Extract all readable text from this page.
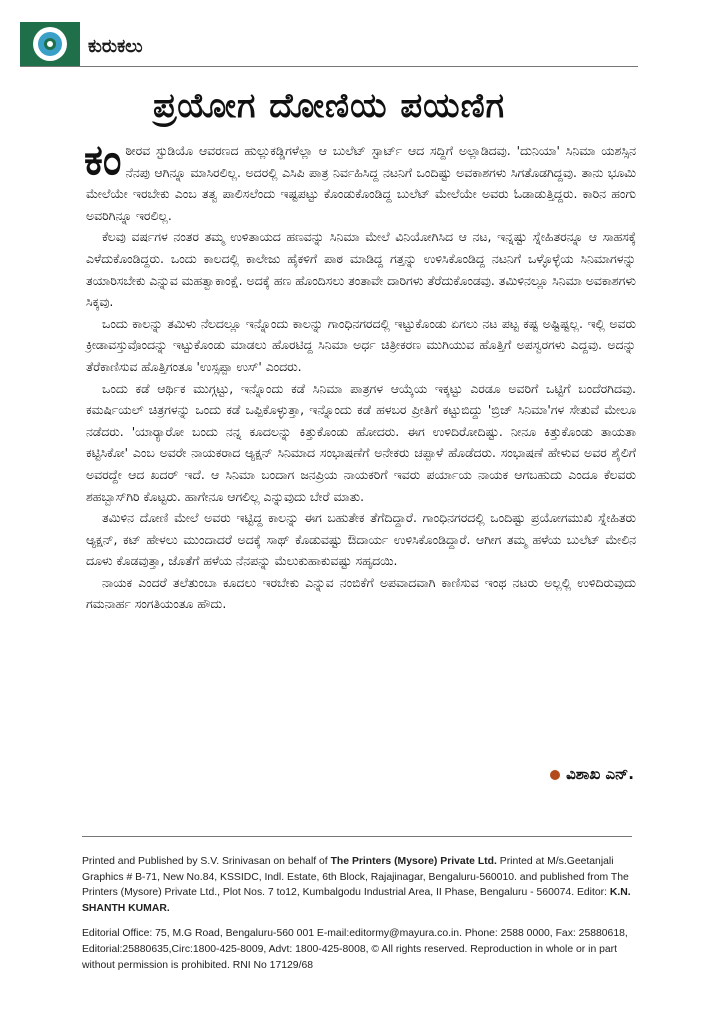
ಕುರುಕಲು
ಪ್ರಯೋಗ ದೋಣಿಯ ಪಯಣಿಗ

ಕಂಠೀರವ ಸ್ಟುಡಿಯೊ ಆವರಣದ ಹುಲ್ಲುಕಡ್ಡಿಗಳೆಲ್ಲಾ ಆ ಬುಲೆಟ್ ಸ್ಟಾರ್ಟ್ ಆದ ಸದ್ದಿಗೆ ಅಲ್ಲಾಡಿದವು. 'ದುನಿಯಾ' ಸಿನಿಮಾ ಯಶಸ್ಸಿನ ನೆನಪು ಆಗಿನ್ನೂ ಮಾಸಿರಲಿಲ್ಲ. ಅದರಲ್ಲಿ ಎಸಿಪಿ ಪಾತ್ರ ನಿರ್ವಹಿಸಿದ್ದ ನಟನಿಗೆ ಒಂದಿಷ್ಟು ಅವಕಾಶಗಳು ಸಿಗತೊಡಗಿದ್ದವು. ತಾನು ಭೂಮಿ ಮೇಲೆಯೇ ಇರಬೇಕು ಎಂಬ ತತ್ವ ಪಾಲಿಸಲೆಂದು ಇಷ್ಟಪಟ್ಟು ಕೊಂಡುಕೊಂಡಿದ್ದ ಬುಲೆಟ್ ಮೇಲೆಯೇ ಅವರು ಓಡಾಡುತ್ತಿದ್ದರು. ಕಾರಿನ ಹಂಗು ಅವರಿಗಿನ್ನೂ ಇರಲಿಲ್ಲ.

ಕೆಲವು ವರ್ಷಗಳ ನಂತರ ತಮ್ಮ ಉಳಿತಾಯದ ಹಣವನ್ನು ಸಿನಿಮಾ ಮೇಲೆ ವಿನಿಯೋಗಿಸಿದ ಆ ನಟ, ಇನ್ನಷ್ಟು ಸ್ನೇಹಿತರನ್ನೂ ಆ ಸಾಹಸಕ್ಕೆ ಎಳೆದುಕೊಂಡಿದ್ದರು. ಒಂದು ಕಾಲದಲ್ಲಿ ಕಾಲೇಜು ಹೈಕಳಿಗೆ ಪಾಠ ಮಾಡಿದ್ದ ಗತ್ತನ್ನು ಉಳಿಸಿಕೊಂಡಿದ್ದ ನಟನಿಗೆ ಒಳ್ಳೊಳ್ಳೆಯ ಸಿನಿಮಾಗಳನ್ನು ತಯಾರಿಸಬೇಕು ಎನ್ನುವ ಮಹತ್ವಾಕಾಂಕ್ಷೆ. ಅದಕ್ಕೆ ಹಣ ಹೊಂದಿಸಲು ತಂತಾವೇ ದಾರಿಗಳು ತೆರೆದುಕೊಂಡವು. ತಮಿಳಿನಲ್ಲೂ ಸಿನಿಮಾ ಅವಕಾಶಗಳು ಸಿಕ್ಕವು.

ಒಂದು ಕಾಲನ್ನು ತಮಿಳು ನೆಲದಲ್ಲೂ ಇನ್ನೊಂದು ಕಾಲನ್ನು ಗಾಂಧಿನಗರದಲ್ಲಿ ಇಟ್ಟುಕೊಂಡು ಏಗಲು ನಟ ಪಟ್ಟ ಕಷ್ಟ ಅಷ್ಟಿಷ್ಟಲ್ಲ. ಇಲ್ಲಿ ಅವರು ಕ್ರೀಡಾವಸ್ತುವೊಂದನ್ನು ಇಟ್ಟುಕೊಂಡು ಮಾಡಲು ಹೊರಟಿದ್ದ ಸಿನಿಮಾ ಅರ್ಧ ಚಿತ್ರೀಕರಣ ಮುಗಿಯುವ ಹೊತ್ತಿಗೆ ಅಪಸ್ವರಗಳು ಎದ್ದವು. ಅದನ್ನು ತೆರೆಕಾಣಿಸುವ ಹೊತ್ತಿಗಂತೂ 'ಉಸ್ಸಪ್ಪಾ ಉಸ್' ಎಂದರು.

ಒಂದು ಕಡೆ ಆರ್ಥಿಕ ಮುಗ್ಗಟ್ಟು, ಇನ್ನೊಂದು ಕಡೆ ಸಿನಿಮಾ ಪಾತ್ರಗಳ ಆಯ್ಕೆಯ ಇಕ್ಕಟ್ಟು ಎರಡೂ ಅವರಿಗೆ ಒಟ್ಟಿಗೆ ಬಂದೆರಗಿದವು. ಕಮರ್ಷಿಯಲ್ ಚಿತ್ರಗಳನ್ನು ಒಂದು ಕಡೆ ಒಪ್ಪಿಕೊಳ್ಳುತ್ತಾ, ಇನ್ನೊಂದು ಕಡೆ ಹಳಬರ ಪ್ರೀತಿಗೆ ಕಟ್ಟುಬಿದ್ದು 'ಬ್ರಿಜ್ ಸಿನಿಮಾ'ಗಳ ಸೇತುವೆ ಮೇಲೂ ನಡೆದರು. 'ಯಾರ್‍ಯಾರೋ ಬಂದು ನನ್ನ ಕೂದಲನ್ನು ಕಿತ್ತುಕೊಂಡು ಹೋದರು. ಈಗ ಉಳಿದಿರೋದಿಷ್ಟು. ನೀನೂ ಕಿತ್ತುಕೊಂಡು ತಾಯತಾ ಕಟ್ಟಿಸಿಕೋ' ಎಂಬ ಅವರೇ ನಾಯಕರಾದ ಆ್ಯಕ್ಷನ್ ಸಿನಿಮಾದ ಸಂಭಾಷಣೆಗೆ ಅನೇಕರು ಚಪ್ಪಾಳೆ ಹೊಡೆದರು. ಸಂಭಾಷಣೆ ಹೇಳುವ ಅವರ ಶೈಲಿಗೆ ಅವರದ್ದೇ ಆದ ಖದರ್ ಇದೆ. ಆ ಸಿನಿಮಾ ಬಂದಾಗ ಜನಪ್ರಿಯ ನಾಯಕರಿಗೆ ಇವರು ಪರ್ಯಾಯ ನಾಯಕ ಆಗಬಹುದು ಎಂದೂ ಕೆಲವರು ಶಹಬ್ಬಾಸ್‌ಗಿರಿ ಕೊಟ್ಟರು. ಹಾಗೇನೂ ಆಗಲಿಲ್ಲ ಎನ್ನುವುದು ಬೇರೆ ಮಾತು.

ತಮಿಳಿನ ದೋಣಿ ಮೇಲೆ ಅವರು ಇಟ್ಟಿದ್ದ ಕಾಲನ್ನು ಈಗ ಬಹುತೇಕ ತೆಗೆದಿದ್ದಾರೆ. ಗಾಂಧಿನಗರದಲ್ಲಿ ಒಂದಿಷ್ಟು ಪ್ರಯೋಗಮುಖಿ ಸ್ನೇಹಿತರು ಆ್ಯಕ್ಷನ್, ಕಟ್ ಹೇಳಲು ಮುಂದಾದರೆ ಅದಕ್ಕೆ ಸಾಥ್ ಕೊಡುವಷ್ಟು ಔದಾರ್ಯ ಉಳಿಸಿಕೊಂಡಿದ್ದಾರೆ. ಆಗೀಗ ತಮ್ಮ ಹಳೆಯ ಬುಲೆಟ್ ಮೇಲಿನ ದೂಳು ಕೊಡವುತ್ತಾ, ಜೊತೆಗೆ ಹಳೆಯ ನೆನಪನ್ನು ಮೆಲುಕುಹಾಕುವಷ್ಟು ಸಹೃದಯಿ.

ನಾಯಕ ಎಂದರೆ ತಲೆತುಂಬಾ ಕೂದಲು ಇರಬೇಕು ಎನ್ನುವ ನಂಬಿಕೆಗೆ ಅಪವಾದವಾಗಿ ಕಾಣಿಸುವ ಇಂಥ ನಟರು ಅಲ್ಲಲ್ಲಿ ಉಳಿದಿರುವುದು ಗಮನಾರ್ಹ ಸಂಗತಿಯಂತೂ ಹೌದು.

ವಿಶಾಖ ಎನ್.

Printed and Published by S.V. Srinivasan on behalf of The Printers (Mysore) Private Ltd. Printed at M/s.Geetanjali Graphics # B-71, New No.84, KSSIDC, Indl. Estate, 6th Block, Rajajinagar, Bengaluru-560010. and published from The Printers (Mysore) Private Ltd., Plot Nos. 7 to12, Kumbalgodu Industrial Area, II Phase, Bengaluru - 560074. Editor: K.N. SHANTH KUMAR.

Editorial Office: 75, M.G Road, Bengaluru-560 001 E-mail:editormy@mayura.co.in. Phone: 2588 0000, Fax: 25880618, Editorial:25880635,Circ:1800-425-8009, Advt: 1800-425-8008, © All rights reserved. Reproduction in whole or in part without permission is prohibited. RNI No 17129/68
